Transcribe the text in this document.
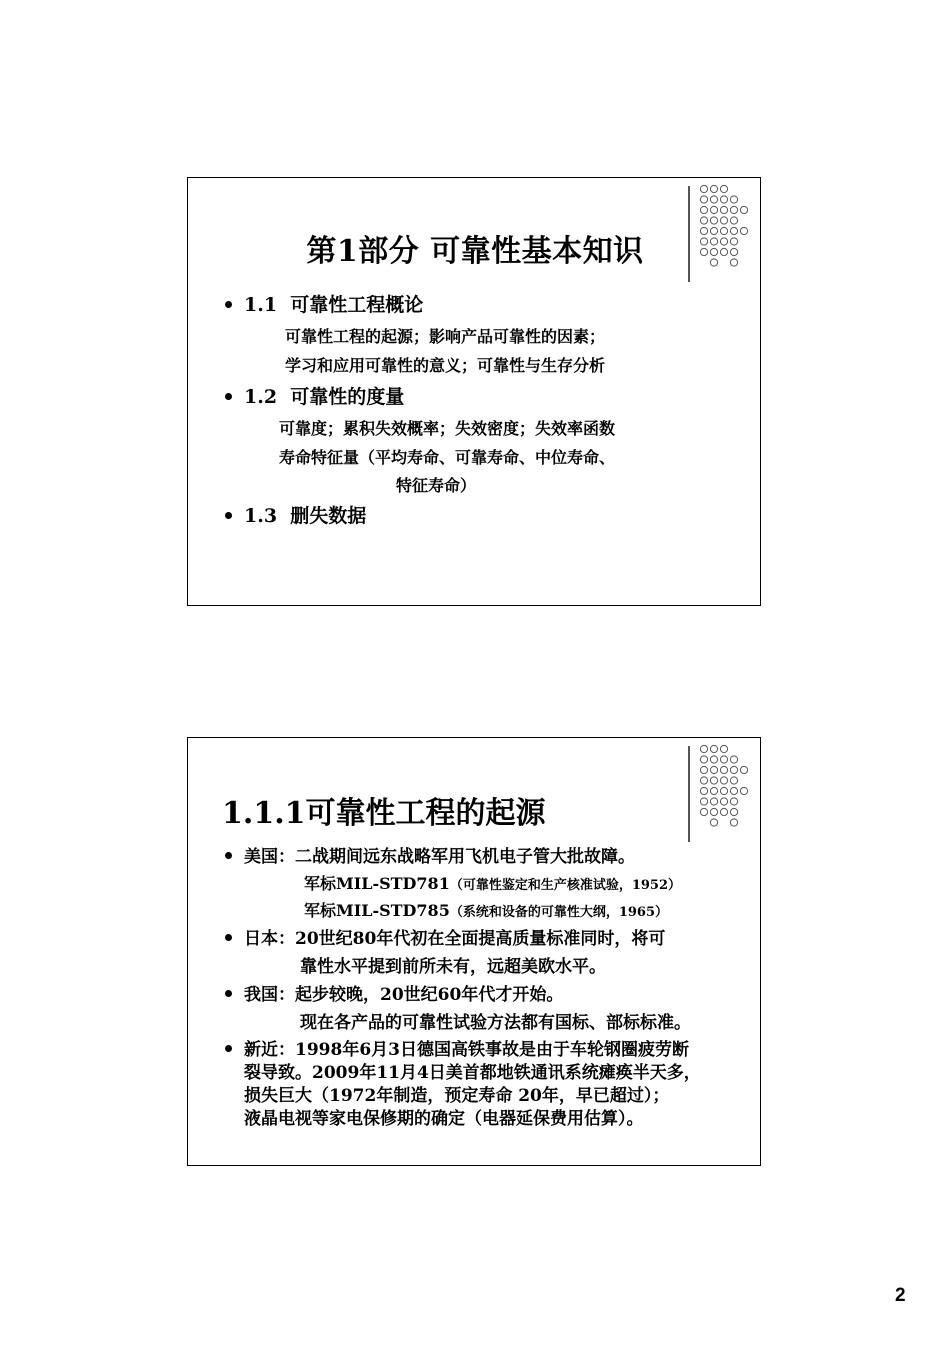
第1部分 可靠性基本知识
1.1 可靠性工程概论
可靠性工程的起源；影响产品可靠性的因素；
学习和应用可靠性的意义；可靠性与生存分析
1.2 可靠性的度量
可靠度；累积失效概率；失效密度；失效率函数
寿命特征量（平均寿命、可靠寿命、中位寿命、
特征寿命）
1.3 删失数据
1.1.1可靠性工程的起源
美国：二战期间远东战略军用飞机电子管大批故障。
军标MIL-STD781（可靠性鉴定和生产核准试验，1952）
军标MIL-STD785（系统和设备的可靠性大纲，1965）
日本：20世纪80年代初在全面提高质量标准同时，将可
靠性水平提到前所未有，远超美欧水平。
我国：起步较晚，20世纪60年代才开始。
现在各产品的可靠性试验方法都有国标、部标标准。
新近：1998年6月3日德国高铁事故是由于车轮钢圈疲劳断
裂导致。2009年11月4日美首都地铁通讯系统瘫痪半天多，
损失巨大（1972年制造，预定寿命 20年，早已超过）；
液晶电视等家电保修期的确定（电器延保费用估算）。
2
